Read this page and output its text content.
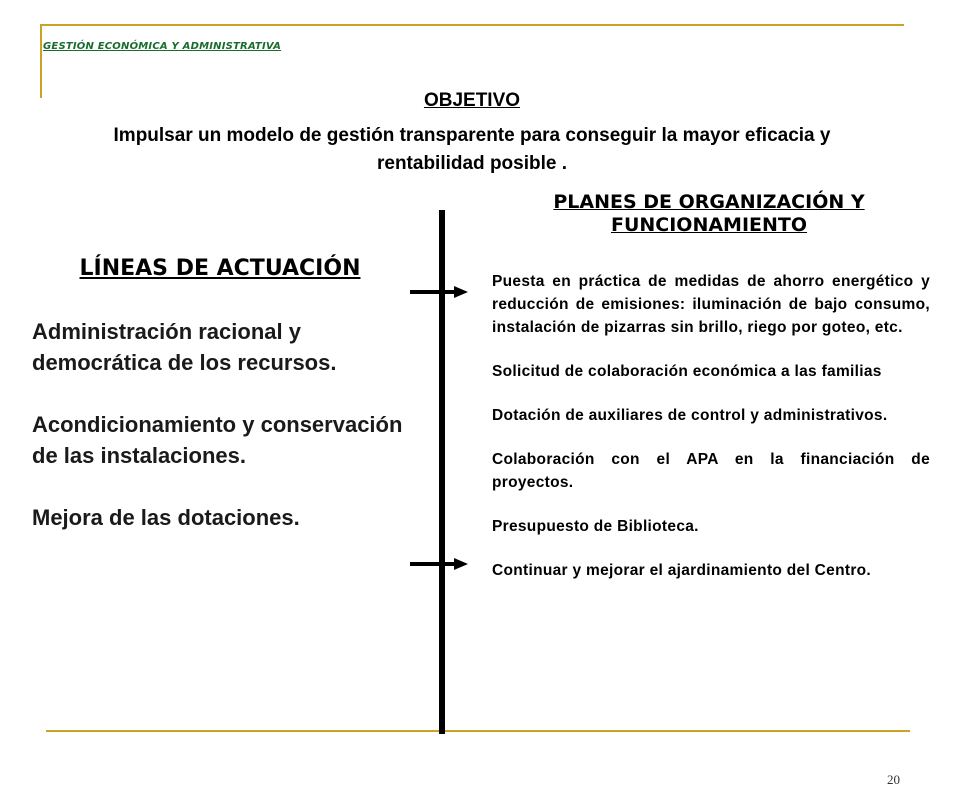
GESTIÓN ECONÓMICA Y ADMINISTRATIVA
OBJETIVO
Impulsar un modelo de gestión transparente para conseguir la mayor eficacia y rentabilidad posible .
LÍNEAS DE ACTUACIÓN
Administración racional y democrática de los recursos.
Acondicionamiento y conservación de las instalaciones.
Mejora de las dotaciones.
PLANES DE ORGANIZACIÓN Y FUNCIONAMIENTO
Puesta en práctica de medidas de ahorro energético y reducción de emisiones: iluminación de bajo consumo, instalación de pizarras sin brillo, riego por goteo, etc.
Solicitud de colaboración económica a las familias
Dotación de auxiliares de control y administrativos.
Colaboración con el APA en la financiación de proyectos.
Presupuesto de Biblioteca.
Continuar y mejorar el ajardinamiento del Centro.
20
